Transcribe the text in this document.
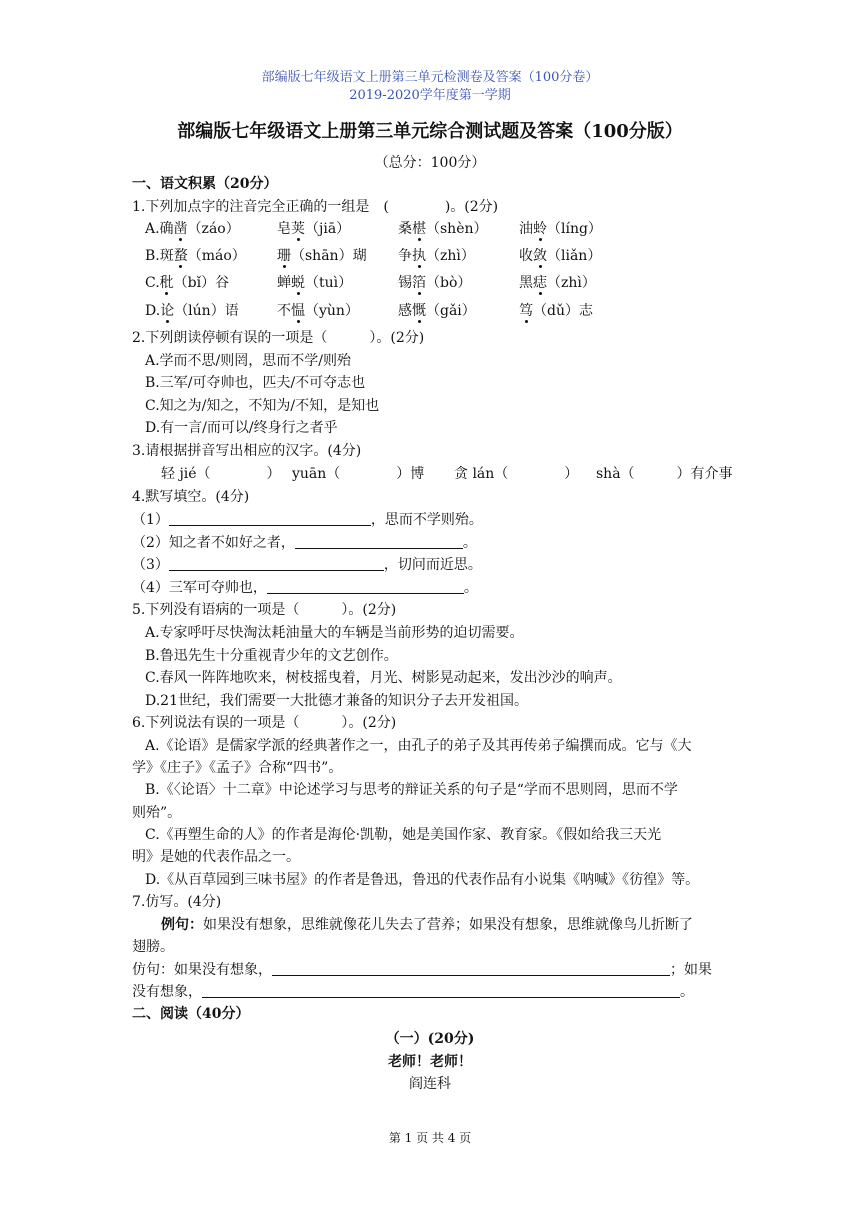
部编版七年级语文上册第三单元检测卷及答案（100分卷）
2019-2020学年度第一学期
部编版七年级语文上册第三单元综合测试题及答案（100分版）
（总分：100分）
一、语文积累（20分）
1.下列加点字的注音完全正确的一组是　(　　　　)。(2分)
A.确凿（záo）	皂荚（jiā）	桑椹（shèn） 油蛉（líng）
B.斑蝥（máo） 珊（shān）瑚 争执（zhì）	收敛（liǎn）
C.秕（bǐ）谷	蝉蜕（tuì）	锡箔（bò）	黑痣（zhì）
D.论（lún）语	不愠（yùn）	感慨（gǎi）	笃（dǔ）志
2.下列朗读停顿有误的一项是（　　　）。(2分)
A.学而不思/则罔，思而不学/则殆
B.三军/可夺帅也，匹夫/不可夺志也
C.知之为/知之，不知为/不知，是知也
D.有一言/而可以/终身行之者乎
3.请根据拼音写出相应的汉字。(4分)
轻 jié（　　　　） yuān（　　　　）博 贪 lán（　　　　） shà（　　　）有介事
4.默写填空。(4分)
（1）	，思而不学则殆。
（2）知之者不如好之者，	。
（3）	，切问而近思。
（4）三军可夺帅也，	。
5.下列没有语病的一项是（　　　）。(2分)
A.专家呼吁尽快淘汰耗油量大的车辆是当前形势的迫切需要。
B.鲁迅先生十分重视青少年的文艺创作。
C.春风一阵阵地吹来，树枝摇曳着，月光、树影晃动起来，发出沙沙的响声。
D.21世纪，我们需要一大批德才兼备的知识分子去开发祖国。
6.下列说法有误的一项是（　　　）。(2分)
A.《论语》是儒家学派的经典著作之一，由孔子的弟子及其再传弟子编撰而成。它与《大
学》《庄子》《孟子》合称“四书”。
B.《〈论语〉十二章》中论述学习与思考的辩证关系的句子是“学而不思则罔，思而不学
则殆”。
C.《再塑生命的人》的作者是海伦·凯勒，她是美国作家、教育家。《假如给我三天光
明》是她的代表作品之一。
D.《从百草园到三味书屋》的作者是鲁迅，鲁迅的代表作品有小说集《呐喊》《彷徨》等。
7.仿写。(4分)
例句：如果没有想象，思维就像花儿失去了营养；如果没有想象，思维就像鸟儿折断了
翅膀。
仿句：如果没有想象，	；如果
没有想象，	。
二、阅读（40分）
（一）(20分)
老师！老师！
阎连科
第 1 页 共 4 页
